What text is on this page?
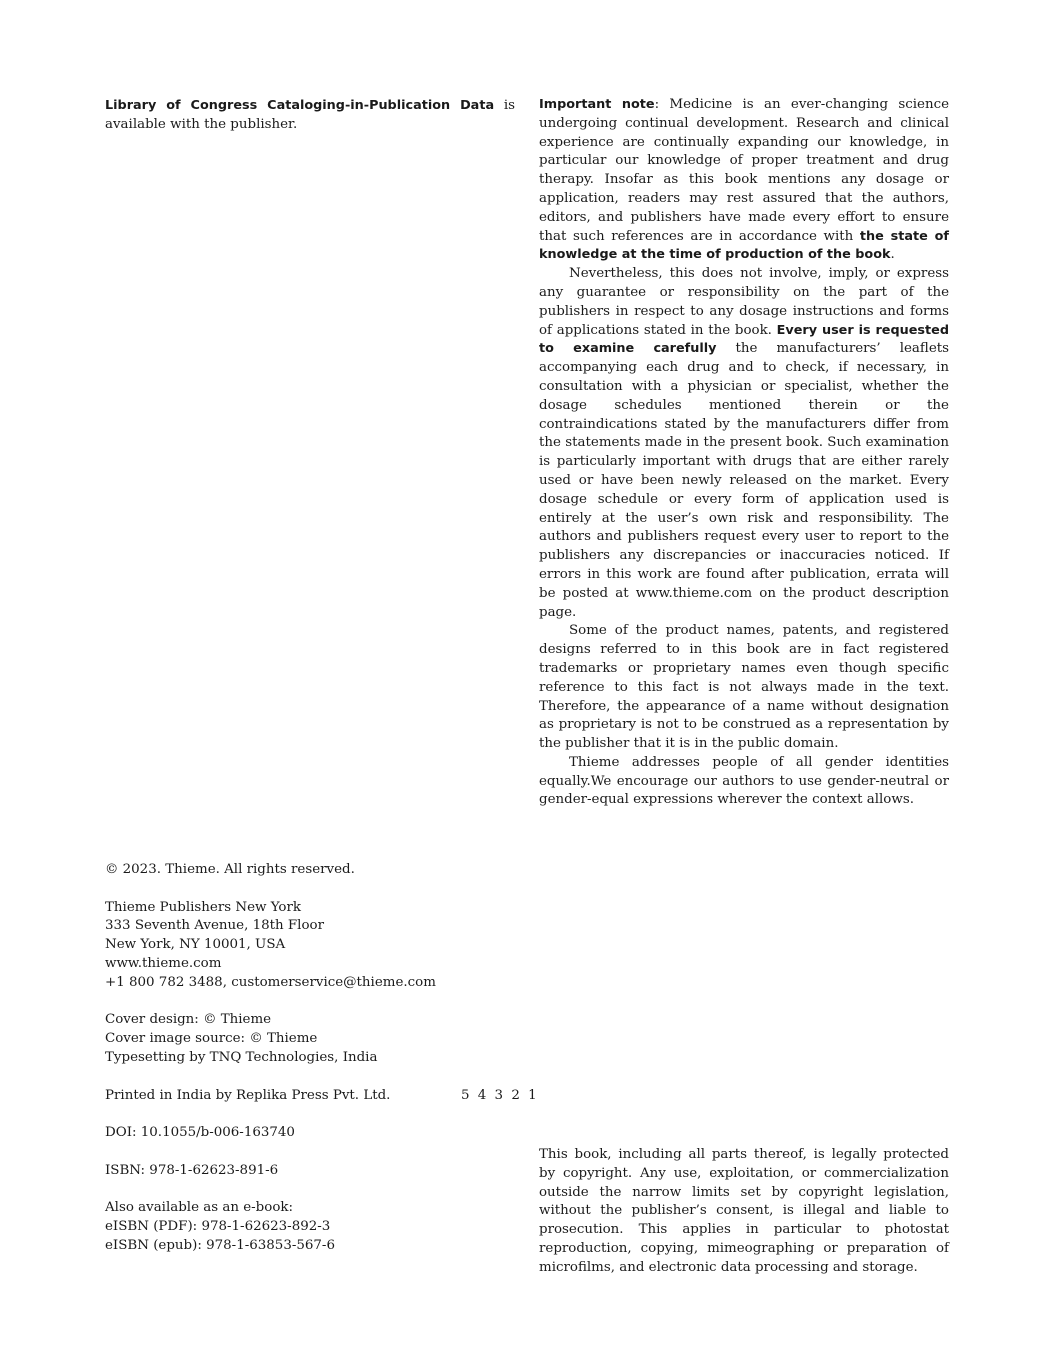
Library of Congress Cataloging-in-Publication Data is available with the publisher.

Important note: Medicine is an ever-changing science undergoing continual development. Research and clinical experience are continually expanding our knowledge, in particular our knowledge of proper treatment and drug therapy. Insofar as this book mentions any dosage or application, readers may rest assured that the authors, editors, and publishers have made every effort to ensure that such references are in accordance with the state of knowledge at the time of production of the book.

Nevertheless, this does not involve, imply, or express any guarantee or responsibility on the part of the publishers in respect to any dosage instructions and forms of applications stated in the book. Every user is requested to examine carefully the manufacturers’ leaflets accompanying each drug and to check, if necessary, in consultation with a physician or specialist, whether the dosage schedules mentioned therein or the contraindications stated by the manufacturers differ from the statements made in the present book. Such examination is particularly important with drugs that are either rarely used or have been newly released on the market. Every dosage schedule or every form of application used is entirely at the user’s own risk and responsibility. The authors and publishers request every user to report to the publishers any discrepancies or inaccuracies noticed. If errors in this work are found after publication, errata will be posted at www.thieme.com on the product description page.

Some of the product names, patents, and registered designs referred to in this book are in fact registered trademarks or proprietary names even though specific reference to this fact is not always made in the text. Therefore, the appearance of a name without designation as proprietary is not to be construed as a representation by the publisher that it is in the public domain.

Thieme addresses people of all gender identities equally.We encourage our authors to use gender-neutral or gender-equal expressions wherever the context allows.

© 2023. Thieme. All rights reserved.
Thieme Publishers New York
333 Seventh Avenue, 18th Floor
New York, NY 10001, USA
www.thieme.com
+1 800 782 3488, customerservice@thieme.com
Cover design: © Thieme
Cover image source: © Thieme
Typesetting by TNQ Technologies, India
Printed in India by Replika Press Pvt. Ltd.	5 4 3 2 1
DOI: 10.1055/b-006-163740
ISBN: 978-1-62623-891-6
Also available as an e-book:
eISBN (PDF): 978-1-62623-892-3
eISBN (epub): 978-1-63853-567-6

This book, including all parts thereof, is legally protected by copyright. Any use, exploitation, or commercialization outside the narrow limits set by copyright legislation, without the publisher’s consent, is illegal and liable to prosecution. This applies in particular to photostat reproduction, copying, mimeographing or preparation of microfilms, and electronic data processing and storage.
